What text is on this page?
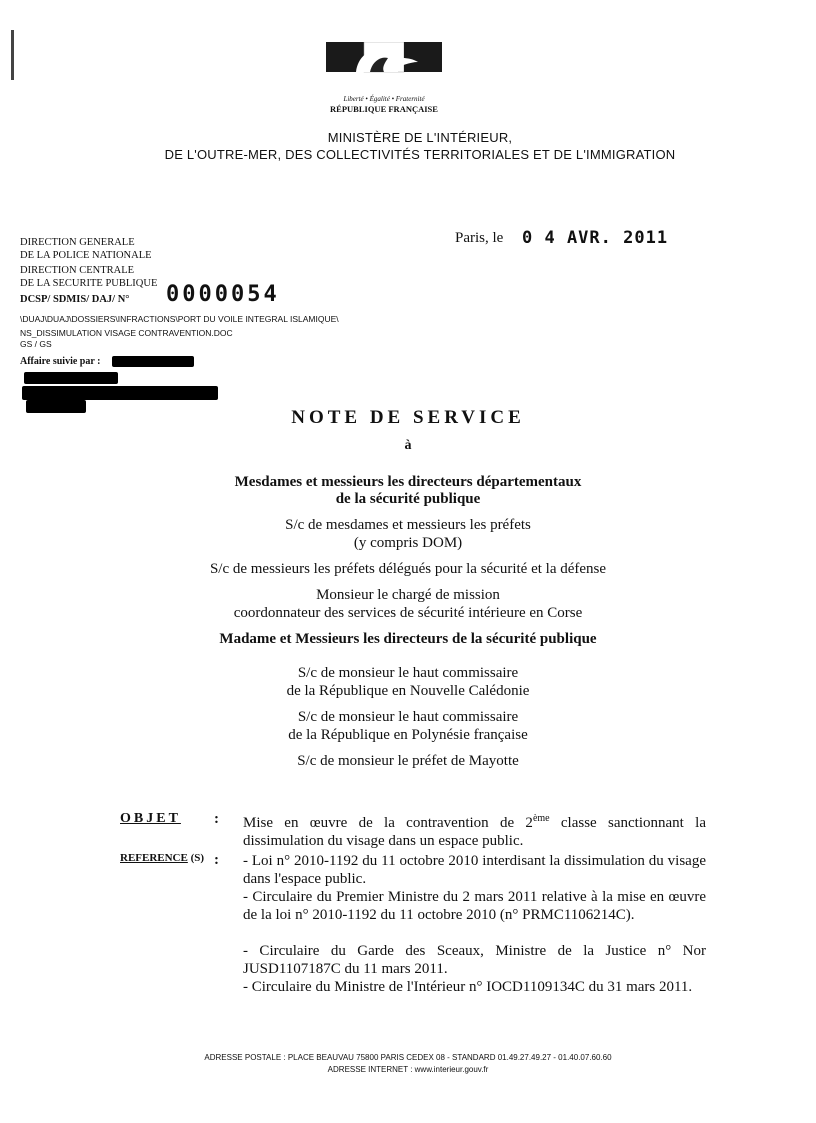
Liberté • Égalité • Fraternité
RÉPUBLIQUE FRANÇAISE
MINISTÈRE DE L'INTÉRIEUR,
DE L'OUTRE-MER, DES COLLECTIVITÉS TERRITORIALES ET DE L'IMMIGRATION
DIRECTION GENERALE
DE LA POLICE NATIONALE
DIRECTION CENTRALE
DE LA SECURITE PUBLIQUE
DCSP/ SDMIS/ DAJ/ N° 0000054
\DUAJ\DUAJ\DOSSIERS\INFRACTIONS\PORT DU VOILE INTEGRAL ISLAMIQUE\
NS_DISSIMULATION VISAGE CONTRAVENTION.DOC
GS / GS
Affaire suivie par :
Paris, le 0 4 AVR. 2011
NOTE DE SERVICE
à
Mesdames et messieurs les directeurs départementaux
de la sécurité publique
S/c de mesdames et messieurs les préfets
(y compris DOM)
S/c de messieurs les préfets délégués pour la sécurité et la défense
Monsieur le chargé de mission
coordonnateur des services de sécurité intérieure en Corse
Madame et Messieurs les directeurs de la sécurité publique
S/c de monsieur le haut commissaire
de la République en Nouvelle Calédonie
S/c de monsieur le haut commissaire
de la République en Polynésie française
S/c de monsieur le préfet de Mayotte
OBJET : Mise en œuvre de la contravention de 2ème classe sanctionnant la dissimulation du visage dans un espace public.
REFERENCE (S) : - Loi n° 2010-1192 du 11 octobre 2010 interdisant la dissimulation du visage dans l'espace public.
- Circulaire du Premier Ministre du 2 mars 2011 relative à la mise en œuvre de la loi n° 2010-1192 du 11 octobre 2010 (n° PRMC1106214C).
- Circulaire du Garde des Sceaux, Ministre de la Justice n° Nor JUSD1107187C du 11 mars 2011.
- Circulaire du Ministre de l'Intérieur n° IOCD1109134C du 31 mars 2011.
ADRESSE POSTALE : PLACE BEAUVAU 75800 PARIS CEDEX 08 - STANDARD 01.49.27.49.27 - 01.40.07.60.60
ADRESSE INTERNET : www.interieur.gouv.fr
